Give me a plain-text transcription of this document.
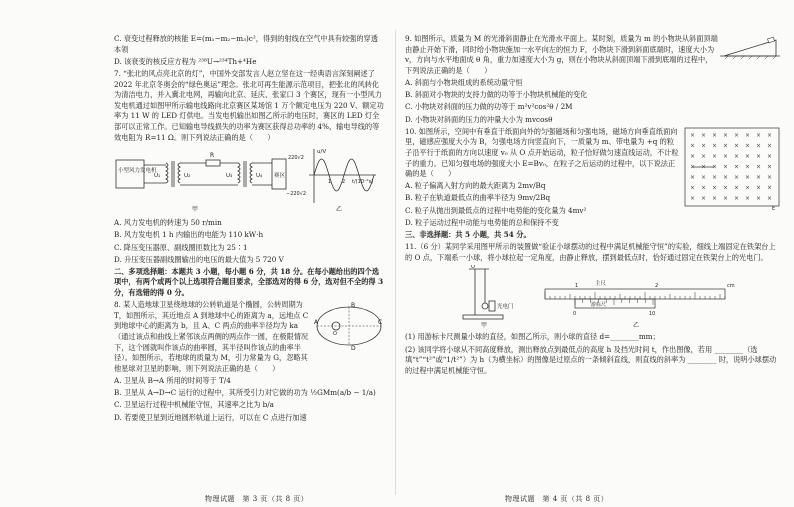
C. 衰变过程释放的核能 E=(m₁−m₂−m₃)c²，得到的射线在空气中具有较强的穿透本领

D. 该衰变的核反应方程为 ²³⁸U→²³⁴Th+⁴He

7. “张北的风点亮北京的灯”，中国外交部发言人赵立坚在这一经典语言深刻阐述了 2022 年北京冬奥会的“绿色奥运”理念。张北可再生能源示范项目，把张北的风转化为清洁电力，并入冀北电网，再输向北京、延庆、张家口 3 个赛区，现有一小型风力发电机通过如图甲所示输电线路向北京赛区某场馆 1 万个额定电压为 220 V、额定功率为 11 W 的 LED 灯供电。当发电机输出如图乙所示的电压时，赛区的 LED 灯全部可以正常工作。已知输电导线损失的功率为赛区获得总功率的 4%，输电导线的等效电阻为 R=11 Ω。则下列说法正确的是（　　）

小型风力发电机
R
U₁	U₂	U₃	U₄ 赛区
甲
u/V
220√2
−220√2
t/(10⁻²s)
1 2
乙

A. 风力发电机的转速为 50 r/min

B. 风力发电机 1 h 内输出的电能为 110 kW·h

C. 降压变压器原、副线圈匝数比为 25∶1

D. 升压变压器副线圈输出的电压的最大值为 5 720 V

二、多项选择题：本题共 3 小题，每小题 6 分，共 18 分。在每小题给出的四个选项中，有两个或两个以上选项符合题目要求，全部选对的得 6 分，选对但不全的得 3 分，有选错的得 0 分。

A
B
C
D
O

8. 某人造地球卫星绕地球的公转轨道是个椭圆，公转周期为 T，如图所示，其近地点 A 到地球中心的距离为 a，远地点 C 到地球中心的距离为 b，且 A、C 两点的曲率半径均为 ka（通过该点和曲线上紧邻该点两侧的两点作一圆，在极限情况下，这个圆就叫作该点的曲率圆，其半径叫作该点的曲率半径）。如图所示，若地球的质量为 M，引力常量为 G，忽略其他星球对卫星的影响，则下列说法正确的是（　　）

A. 卫星从 B→A 所用的时间等于 T/4

B. 卫星从 A→D→C 运行的过程中，其所受引力对它做的功为 ½GMm(a/b − 1/a)

C. 卫星运行过程中机械能守恒，其速率之比为 b/a

D. 若要使卫星到近地圆形轨道上运行，可以在 C 点进行加速

物理试题　第 3 页（共 8 页）

9. 如图所示，质量为 M 的光滑斜面静止在光滑水平面上。某时刻，质量为 m 的小物块从斜面顶端由静止开始下滑，同时给小物块施加一水平向左的恒力 F，小物块下滑到斜面底端时，速度大小为 v，方向与水平地面成 θ 角，重力加速度大小为 g，则在小物块从斜面顶端下滑到底端的过程中，下列说法正确的是（　　）

A. 斜面与小物块组成的系统动量守恒

B. 斜面对小物块的支持力做的功等于小物块机械能的变化

C. 小物块对斜面的压力做的功等于 m²v²cos²θ / 2M

D. 小物块对斜面的压力的冲量大小为 mvcosθ

× × × × × × × ×
× × × × × × × ×
× × × × × × × ×
× × × × × × × ×
× × × × × × × ×
× × × × × × × ×
× × × × × × × ×
E

10. 如图所示，空间中有垂直于纸面向外的匀强磁场和匀强电场，磁场方向垂直纸面向里，磁感应强度大小为 B，匀强电场方向竖直向下，一质量为 m、带电量为 +q 的粒子沿平行于纸面的方向以速度 v₀ 从 O 点开始运动，粒子恰好做匀速直线运动，不计粒子的重力。已知匀强电场的强度大小 E=Bv₀，在粒子之后运动的过程中，以下说法正确的是（　　）

A. 粒子偏离入射方向的最大距离为 2mv/Bq

B. 粒子在轨道最低点的曲率半径为 9mv/2Bq

C. 粒子从抛出到最低点的过程中电势能的变化量为 4mv²

D. 粒子运动过程中动能与电势能的总和保持不变

三、非选择题：共 5 小题，共 54 分。

11.（6 分）某同学采用图甲所示的装置做“验证小球摆动的过程中满足机械能守恒”的实验，细线上端固定在铁架台上的 O 点，下端系一小球，将小球拉起一定角度，由静止释放，摆到最低点时，恰好通过固定在铁架台上的光电门。

O
光电门
甲
主尺
游标尺
cm
1	2
0	10
乙

(1) 用游标卡尺测量小球的直径，如图乙所示，则小球的直径 d=________mm；

(2) 该同学将小球从不同高度释放，测出释放点到最低点的高度 h 及挡光时间 t，作出图像，若用 ________（选填“t”“t²”或“1/t²”）为 h（为横坐标）的图像是过原点的一条倾斜直线，则直线的斜率为 ________ 时，说明小球摆动的过程中满足机械能守恒。

物理试题　第 4 页（共 8 页）
